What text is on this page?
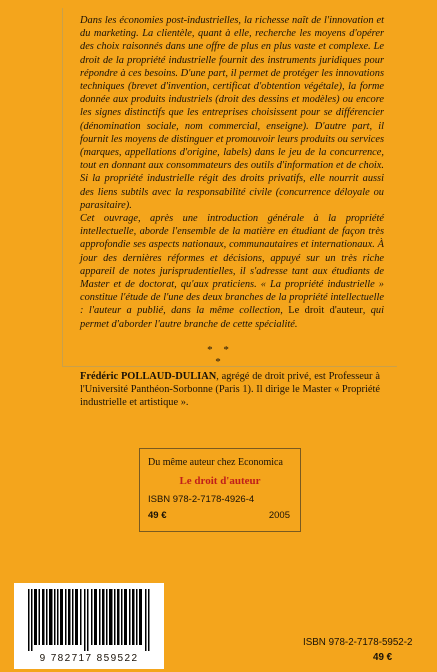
Dans les économies post-industrielles, la richesse naît de l'innovation et du marketing. La clientèle, quant à elle, recherche les moyens d'opérer des choix raisonnés dans une offre de plus en plus vaste et complexe. Le droit de la propriété industrielle fournit des instruments juridiques pour répondre à ces besoins. D'une part, il permet de protéger les innovations techniques (brevet d'invention, certificat d'obtention végétale), la forme donnée aux produits industriels (droit des dessins et modèles) ou encore les signes distinctifs que les entreprises choisissent pour se différencier (dénomination sociale, nom commercial, enseigne). D'autre part, il fournit les moyens de distinguer et promouvoir leurs produits ou services (marques, appellations d'origine, labels) dans le jeu de la concurrence, tout en donnant aux consommateurs des outils d'information et de choix. Si la propriété industrielle régit des droits privatifs, elle nourrit aussi des liens subtils avec la responsabilité civile (concurrence déloyale ou parasitaire).

Cet ouvrage, après une introduction générale à la propriété intellectuelle, aborde l'ensemble de la matière en étudiant de façon très approfondie ses aspects nationaux, communautaires et internationaux. À jour des dernières réformes et décisions, appuyé sur un très riche appareil de notes jurisprudentielles, il s'adresse tant aux étudiants de Master et de doctorat, qu'aux praticiens. « La propriété industrielle » constitue l'étude de l'une des deux branches de la propriété intellectuelle : l'auteur a publié, dans la même collection, Le droit d'auteur, qui permet d'aborder l'autre branche de cette spécialité.

* * *

Frédéric POLLAUD-DULIAN, agrégé de droit privé, est Professeur à l'Université Panthéon-Sorbonne (Paris 1). Il dirige le Master « Propriété industrielle et artistique ».

Du même auteur chez Economica
Le droit d'auteur
ISBN 978-2-7178-4926-4
49 €	2005
9 782717 859522
ISBN 978-2-7178-5952-2
49 €
